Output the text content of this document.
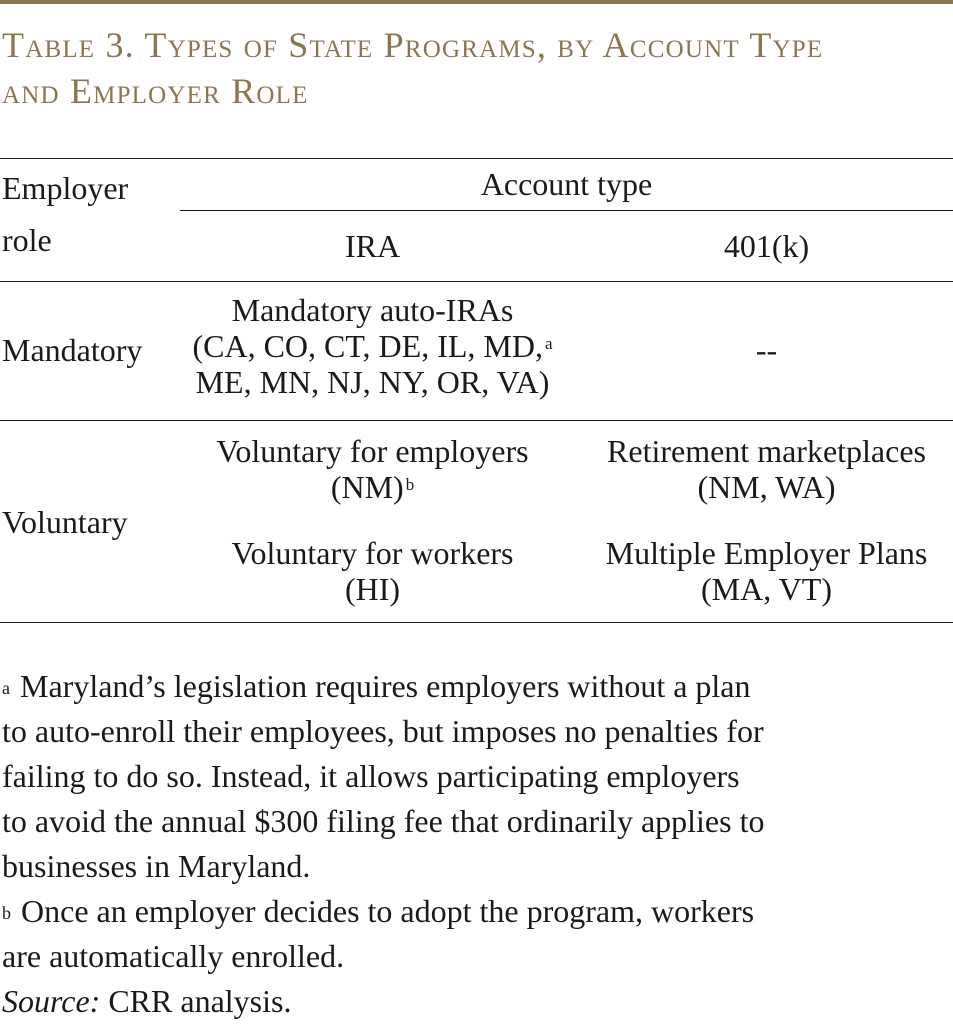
Table 3. Types of State Programs, by Account Type
and Employer Role
Employer
role
Account type
IRA	401(k)
Mandatory
Mandatory auto-IRAs
(CA, CO, CT, DE, IL, MD, $^a$
ME, MN, NJ, NY, OR, VA)
--
Voluntary
Voluntary for employers
(NM) $^b$
Voluntary for workers
(HI)
Retirement marketplaces
(NM, WA)
Multiple Employer Plans
(MA, VT)
$^a$ Maryland’s legislation requires employers without a plan
to auto-enroll their employees, but imposes no penalties for
failing to do so. Instead, it allows participating employers
to avoid the annual $300 filing fee that ordinarily applies to
businesses in Maryland.
$^b$ Once an employer decides to adopt the program, workers
are automatically enrolled.
Source: CRR analysis.
